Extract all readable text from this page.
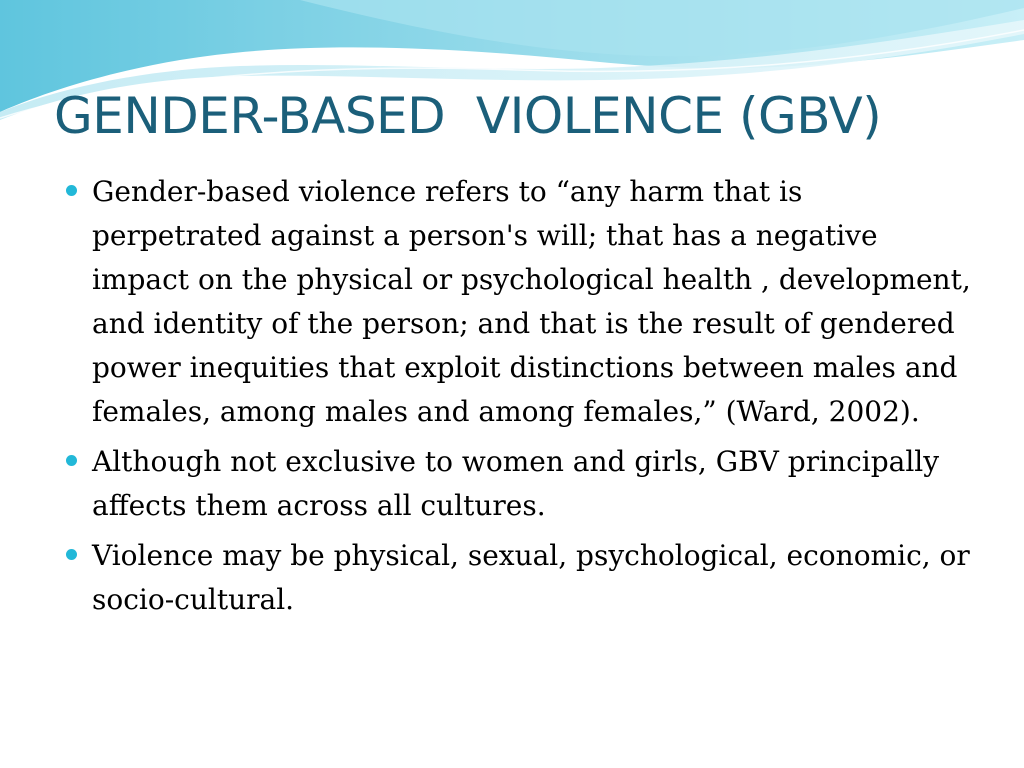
GENDER-BASED  VIOLENCE (GBV)
Gender-based violence refers to “any harm that is perpetrated against a person's will; that has a negative impact on the physical or psychological health , development, and identity of the person; and that is the result of gendered power inequities that exploit distinctions between males and females, among males and among females,” (Ward, 2002).
Although not exclusive to women and girls, GBV principally affects them across all cultures.
Violence may be physical, sexual, psychological, economic, or socio-cultural.
